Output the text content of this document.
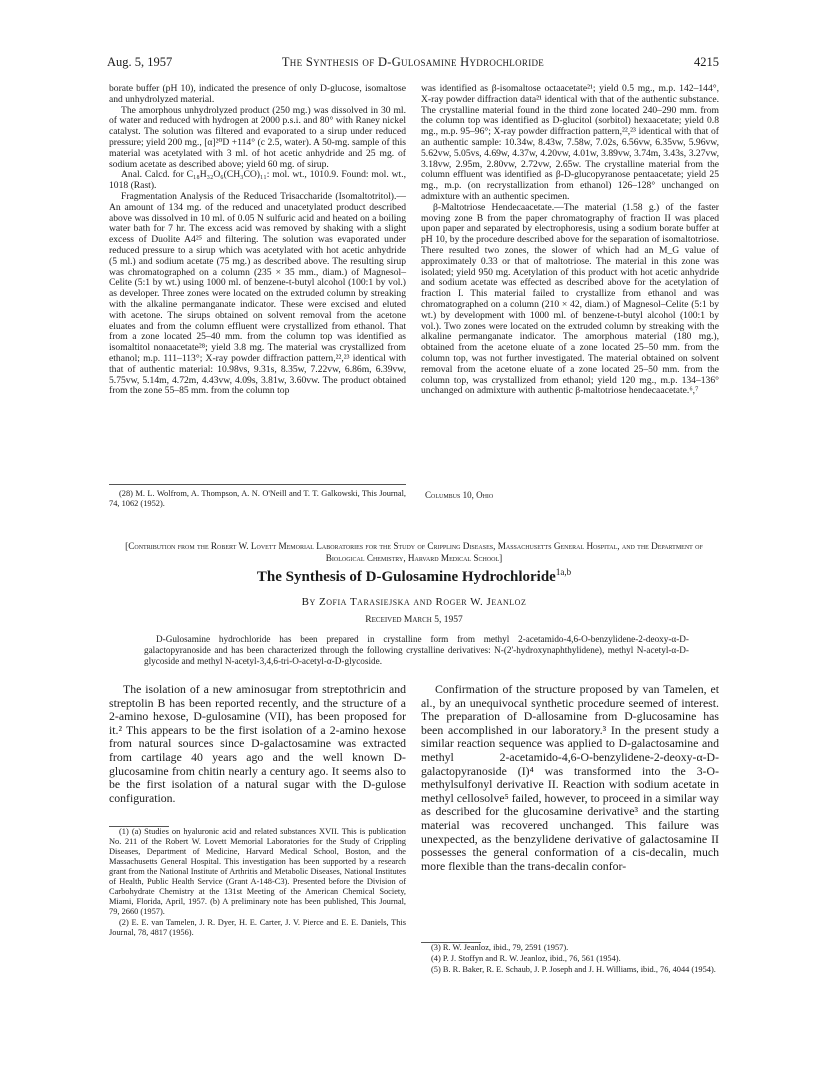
Aug. 5, 1957	The Synthesis of D-Gulosamine Hydrochloride	4215

borate buffer (pH 10), indicated the presence of only D-glucose, isomaltose and unhydrolyzed material.

The amorphous unhydrolyzed product (250 mg.) was dissolved in 30 ml. of water and reduced with hydrogen at 2000 p.s.i. and 80° with Raney nickel catalyst. The solution was filtered and evaporated to a sirup under reduced pressure; yield 200 mg., [α]²⁰D +114° (c 2.5, water). A 50-mg. sample of this material was acetylated with 3 ml. of hot acetic anhydride and 25 mg. of sodium acetate as described above; yield 60 mg. of sirup.

Anal. Calcd. for C₁₈H₃₂O₆(CH₃CO)₁₁: mol. wt., 1010.9. Found: mol. wt., 1018 (Rast).

Fragmentation Analysis of the Reduced Trisaccharide (Isomaltotritol).—An amount of 134 mg. of the reduced and unacetylated product described above was dissolved in 10 ml. of 0.05 N sulfuric acid and heated on a boiling water bath for 7 hr. The excess acid was removed by shaking with a slight excess of Duolite A4²⁵ and filtering. The solution was evaporated under reduced pressure to a sirup which was acetylated with hot acetic anhydride (5 ml.) and sodium acetate (75 mg.) as described above. The resulting sirup was chromatographed on a column (235 × 35 mm., diam.) of Magnesol–Celite (5:1 by wt.) using 1000 ml. of benzene-t-butyl alcohol (100:1 by vol.) as developer. Three zones were located on the extruded column by streaking with the alkaline permanganate indicator. These were excised and eluted with acetone. The sirups obtained on solvent removal from the acetone eluates and from the column effluent were crystallized from ethanol. That from a zone located 25–40 mm. from the column top was identified as isomaltitol nonaacetate²⁸; yield 3.8 mg. The material was crystallized from ethanol; m.p. 111–113°; X-ray powder diffraction pattern,²²,²³ identical with that of authentic material: 10.98vs, 9.31s, 8.35w, 7.22vw, 6.86m, 6.39vw, 5.75vw, 5.14m, 4.72m, 4.43vw, 4.09s, 3.81w, 3.60vw. The product obtained from the zone 55–85 mm. from the column top

(28) M. L. Wolfrom, A. Thompson, A. N. O'Neill and T. T. Galkowski, This Journal, 74, 1062 (1952).

was identified as β-isomaltose octaacetate²¹; yield 0.5 mg., m.p. 142–144°, X-ray powder diffraction data²¹ identical with that of the authentic substance. The crystalline material found in the third zone located 240–290 mm. from the column top was identified as D-glucitol (sorbitol) hexaacetate; yield 0.8 mg., m.p. 95–96°; X-ray powder diffraction pattern,²²,²³ identical with that of an authentic sample: 10.34w, 8.43w, 7.58w, 7.02s, 6.56vw, 6.35vw, 5.96vw, 5.62vw, 5.05vs, 4.69w, 4.37w, 4.20vw, 4.01w, 3.89vw, 3.74m, 3.43s, 3.27vw, 3.18vw, 2.95m, 2.80vw, 2.72vw, 2.65w. The crystalline material from the column effluent was identified as β-D-glucopyranose pentaacetate; yield 25 mg., m.p. (on recrystallization from ethanol) 126–128° unchanged on admixture with an authentic specimen.

β-Maltotriose Hendecaacetate.—The material (1.58 g.) of the faster moving zone B from the paper chromatography of fraction II was placed upon paper and separated by electrophoresis, using a sodium borate buffer at pH 10, by the procedure described above for the separation of isomaltotriose. There resulted two zones, the slower of which had an M_G value of approximately 0.33 or that of maltotriose. The material in this zone was isolated; yield 950 mg. Acetylation of this product with hot acetic anhydride and sodium acetate was effected as described above for the acetylation of fraction I. This material failed to crystallize from ethanol and was chromatographed on a column (210 × 42, diam.) of Magnesol–Celite (5:1 by wt.) by development with 1000 ml. of benzene-t-butyl alcohol (100:1 by vol.). Two zones were located on the extruded column by streaking with the alkaline permanganate indicator. The amorphous material (180 mg.), obtained from the acetone eluate of a zone located 25–50 mm. from the column top, was not further investigated. The material obtained on solvent removal from the acetone eluate of a zone located 25–50 mm. from the column top, was crystallized from ethanol; yield 120 mg., m.p. 134–136° unchanged on admixture with authentic β-maltotriose hendecaacetate.⁶,⁷

Columbus 10, Ohio
[Contribution from the Robert W. Lovett Memorial Laboratories for the Study of Crippling Diseases, Massachusetts General Hospital, and the Department of Biological Chemistry, Harvard Medical School]
The Synthesis of D-Gulosamine Hydrochloride$^{1a,b}$
By Zofia Tarasiejska and Roger W. Jeanloz
Received March 5, 1957
D-Gulosamine hydrochloride has been prepared in crystalline form from methyl 2-acetamido-4,6-O-benzylidene-2-deoxy-α-D-galactopyranoside and has been characterized through the following crystalline derivatives: N-(2'-hydroxynaphthylidene), methyl N-acetyl-α-D-glycoside and methyl N-acetyl-3,4,6-tri-O-acetyl-α-D-glycoside.
The isolation of a new aminosugar from streptothricin and streptolin B has been reported recently, and the structure of a 2-amino hexose, D-gulosamine (VII), has been proposed for it.² This appears to be the first isolation of a 2-amino hexose from natural sources since D-galactosamine was extracted from cartilage 40 years ago and the well known D-glucosamine from chitin nearly a century ago. It seems also to be the first isolation of a natural sugar with the D-gulose configuration.
Confirmation of the structure proposed by van Tamelen, et al., by an unequivocal synthetic procedure seemed of interest. The preparation of D-allosamine from D-glucosamine has been accomplished in our laboratory.³ In the present study a similar reaction sequence was applied to D-galactosamine and methyl 2-acetamido-4,6-O-benzylidene-2-deoxy-α-D-galactopyranoside (I)⁴ was transformed into the 3-O-methylsulfonyl derivative II. Reaction with sodium acetate in methyl cellosolve⁵ failed, however, to proceed in a similar way as described for the glucosamine derivative³ and the starting material was recovered unchanged. This failure was unexpected, as the benzylidene derivative of galactosamine II possesses the general conformation of a cis-decalin, much more flexible than the trans-decalin confor-

(1) (a) Studies on hyaluronic acid and related substances XVII. This is publication No. 211 of the Robert W. Lovett Memorial Laboratories for the Study of Crippling Diseases, Department of Medicine, Harvard Medical School, Boston, and the Massachusetts General Hospital. This investigation has been supported by a research grant from the National Institute of Arthritis and Metabolic Diseases, National Institutes of Health, Public Health Service (Grant A-148-C3). Presented before the Division of Carbohydrate Chemistry at the 131st Meeting of the American Chemical Society, Miami, Florida, April, 1957. (b) A preliminary note has been published, This Journal, 79, 2660 (1957).

(2) E. E. van Tamelen, J. R. Dyer, H. E. Carter, J. V. Pierce and E. E. Daniels, This Journal, 78, 4817 (1956).

(3) R. W. Jeanloz, ibid., 79, 2591 (1957).

(4) P. J. Stoffyn and R. W. Jeanloz, ibid., 76, 561 (1954).

(5) B. R. Baker, R. E. Schaub, J. P. Joseph and J. H. Williams, ibid., 76, 4044 (1954).
